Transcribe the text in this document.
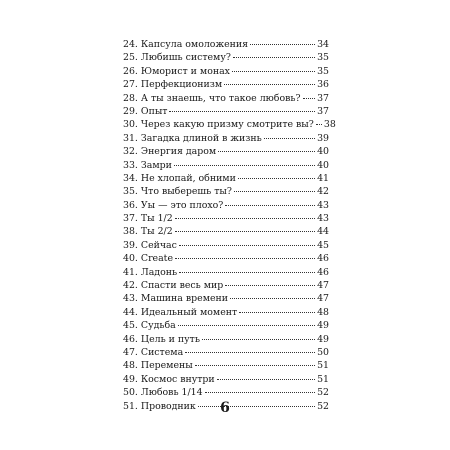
24. Капсула омоложения	34
25. Любишь систему?	35
26. Юморист и монах	35
27. Перфекционизм	36
28. А ты знаешь, что такое любовь? 37
29. Опыт	37
30. Через какую призму смотрите вы? 38
31. Загадка длиной в жизнь	39
32. Энергия даром	40
33. Замри	40
34. Не хлопай, обними	41
35. Что выберешь ты?	42
36. Уы — это плохо?	43
37. Ты 1/2	43
38. Ты 2/2	44
39. Сейчас	45
40. Create	46
41. Ладонь	46
42. Спасти весь мир	47
43. Машина времени	47
44. Идеальный момент	48
45. Судьба	49
46. Цель и путь	49
47. Система	50
48. Перемены	51
49. Космос внутри	51
50. Любовь 1/14	52
51. Проводник	52
6
